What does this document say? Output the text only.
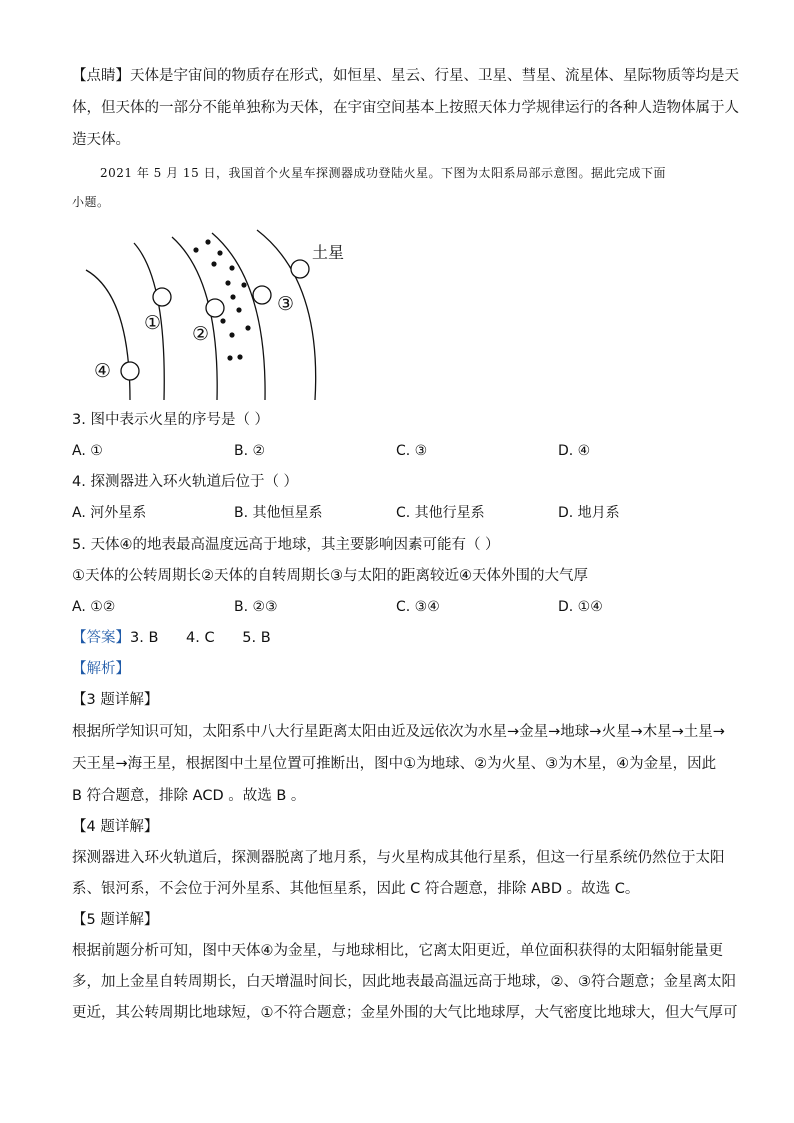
【点睛】天体是宇宙间的物质存在形式，如恒星、星云、行星、卫星、彗星、流星体、星际物质等均是天
体，但天体的一部分不能单独称为天体，在宇宙空间基本上按照天体力学规律运行的各种人造物体属于人
造天体。
2021 年 5 月 15 日，我国首个火星车探测器成功登陆火星。下图为太阳系局部示意图。据此完成下面
小题。
土星
① ②
③
④
3. 图中表示火星的序号是（ ）
A. ①	B. ②	C. ③	D. ④
4. 探测器进入环火轨道后位于（ ）
A. 河外星系	B. 其他恒星系	C. 其他行星系	D. 地月系
5. 天体④的地表最高温度远高于地球，其主要影响因素可能有（ ）
①天体的公转周期长②天体的自转周期长③与太阳的距离较近④天体外围的大气厚
A. ①②	B. ②③	C. ③④	D. ①④
【答案】3. B      4. C      5. B
【解析】
【3 题详解】
根据所学知识可知，太阳系中八大行星距离太阳由近及远依次为水星→金星→地球→火星→木星→土星→
天王星→海王星，根据图中土星位置可推断出，图中①为地球、②为火星、③为木星，④为金星，因此
B 符合题意，排除 ACD 。故选 B 。
【4 题详解】
探测器进入环火轨道后，探测器脱离了地月系，与火星构成其他行星系，但这一行星系统仍然位于太阳
系、银河系，不会位于河外星系、其他恒星系，因此 C 符合题意，排除 ABD 。故选 C。
【5 题详解】
根据前题分析可知，图中天体④为金星，与地球相比，它离太阳更近，单位面积获得的太阳辐射能量更
多，加上金星自转周期长，白天增温时间长，因此地表最高温远高于地球，②、③符合题意；金星离太阳
更近，其公转周期比地球短，①不符合题意；金星外围的大气比地球厚，大气密度比地球大，但大气厚可
